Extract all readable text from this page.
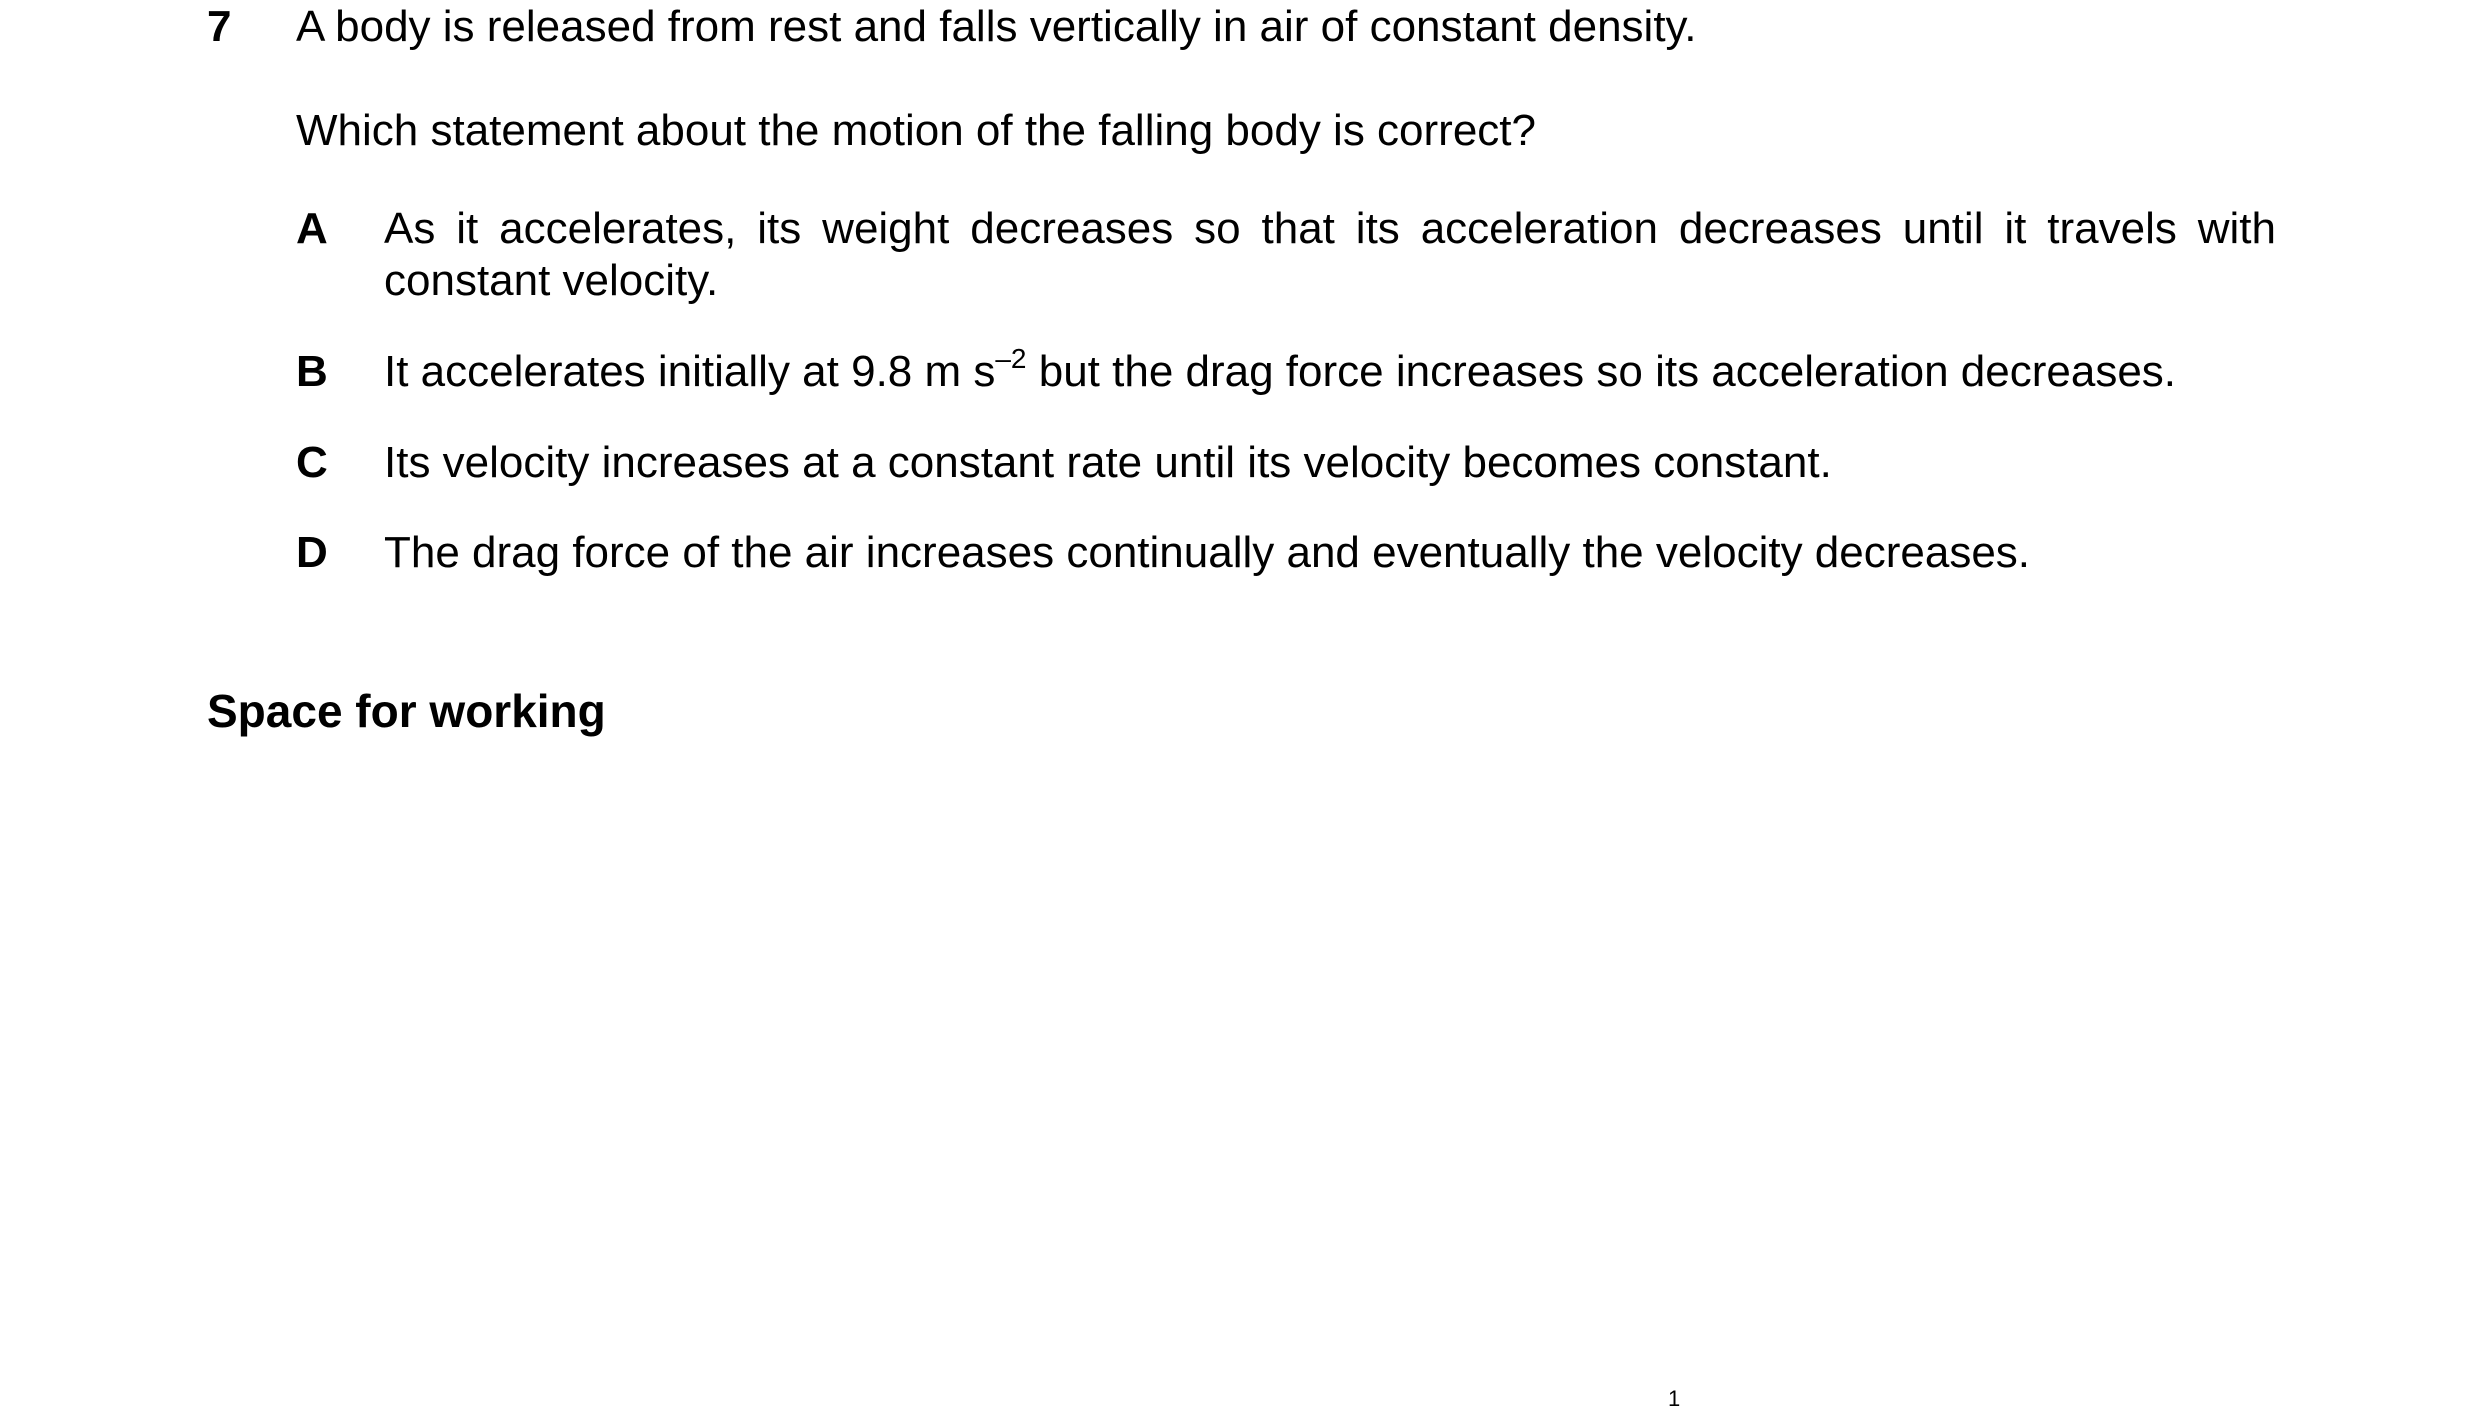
7 A body is released from rest and falls vertically in air of constant density.
Which statement about the motion of the falling body is correct?
A As it accelerates, its weight decreases so that its acceleration decreases until it travels with constant velocity.
B It accelerates initially at 9.8 m $s^{-2}$ but the drag force increases so its acceleration decreases.
C Its velocity increases at a constant rate until its velocity becomes constant.
D The drag force of the air increases continually and eventually the velocity decreases.
Space for working
1
